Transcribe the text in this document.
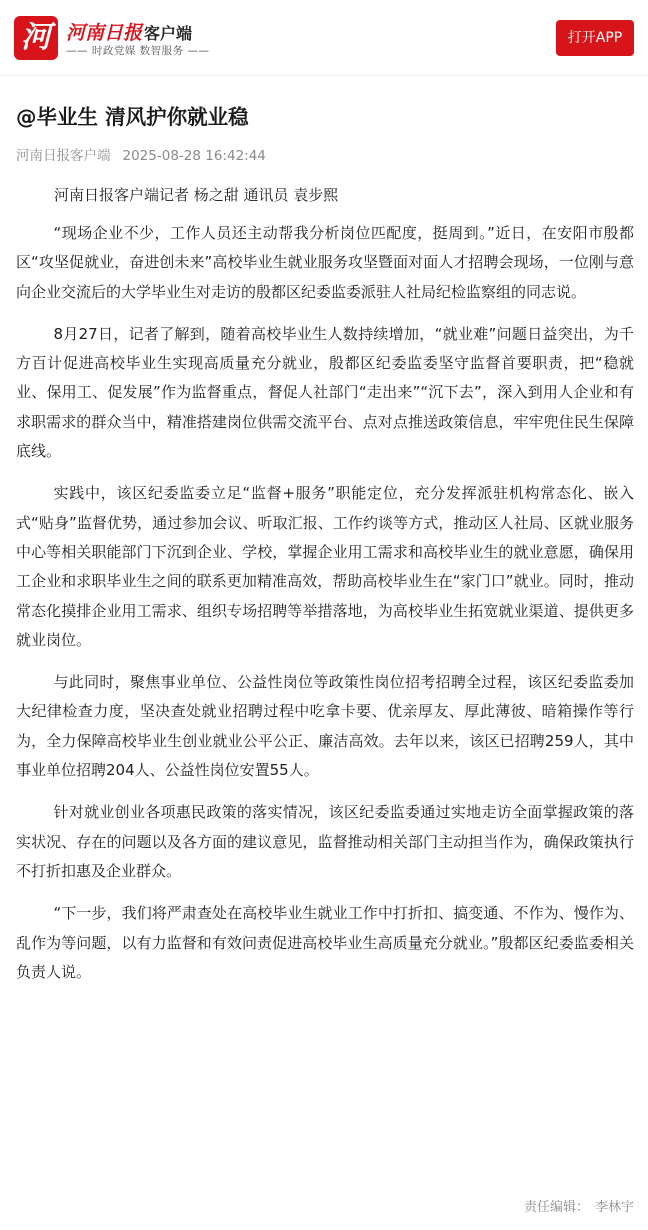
河 河南日报 客户端
—— 时政党媒 数智服务 ——
打开APP
@毕业生 清风护你就业稳
河南日报客户端 2025-08-28 16:42:44

河南日报客户端记者 杨之甜 通讯员 袁步熙

“现场企业不少，工作人员还主动帮我分析岗位匹配度，挺周到。”近日，在安阳市殷都区“攻坚促就业，奋进创未来”高校毕业生就业服务攻坚暨面对面人才招聘会现场，一位刚与意向企业交流后的大学毕业生对走访的殷都区纪委监委派驻人社局纪检监察组的同志说。

8月27日，记者了解到，随着高校毕业生人数持续增加，“就业难”问题日益突出，为千方百计促进高校毕业生实现高质量充分就业，殷都区纪委监委坚守监督首要职责，把“稳就业、保用工、促发展”作为监督重点，督促人社部门“走出来”“沉下去”，深入到用人企业和有求职需求的群众当中，精准搭建岗位供需交流平台、点对点推送政策信息，牢牢兜住民生保障底线。

实践中，该区纪委监委立足“监督+服务”职能定位，充分发挥派驻机构常态化、嵌入式“贴身”监督优势，通过参加会议、听取汇报、工作约谈等方式，推动区人社局、区就业服务中心等相关职能部门下沉到企业、学校，掌握企业用工需求和高校毕业生的就业意愿，确保用工企业和求职毕业生之间的联系更加精准高效，帮助高校毕业生在“家门口”就业。同时，推动常态化摸排企业用工需求、组织专场招聘等举措落地，为高校毕业生拓宽就业渠道、提供更多就业岗位。

与此同时，聚焦事业单位、公益性岗位等政策性岗位招考招聘全过程，该区纪委监委加大纪律检查力度，坚决查处就业招聘过程中吃拿卡要、优亲厚友、厚此薄彼、暗箱操作等行为，全力保障高校毕业生创业就业公平公正、廉洁高效。去年以来，该区已招聘259人，其中事业单位招聘204人、公益性岗位安置55人。

针对就业创业各项惠民政策的落实情况，该区纪委监委通过实地走访全面掌握政策的落实状况、存在的问题以及各方面的建议意见，监督推动相关部门主动担当作为，确保政策执行不打折扣惠及企业群众。

“下一步，我们将严肃查处在高校毕业生就业工作中打折扣、搞变通、不作为、慢作为、乱作为等问题，以有力监督和有效问责促进高校毕业生高质量充分就业。”殷都区纪委监委相关负责人说。

责任编辑： 李林宇
